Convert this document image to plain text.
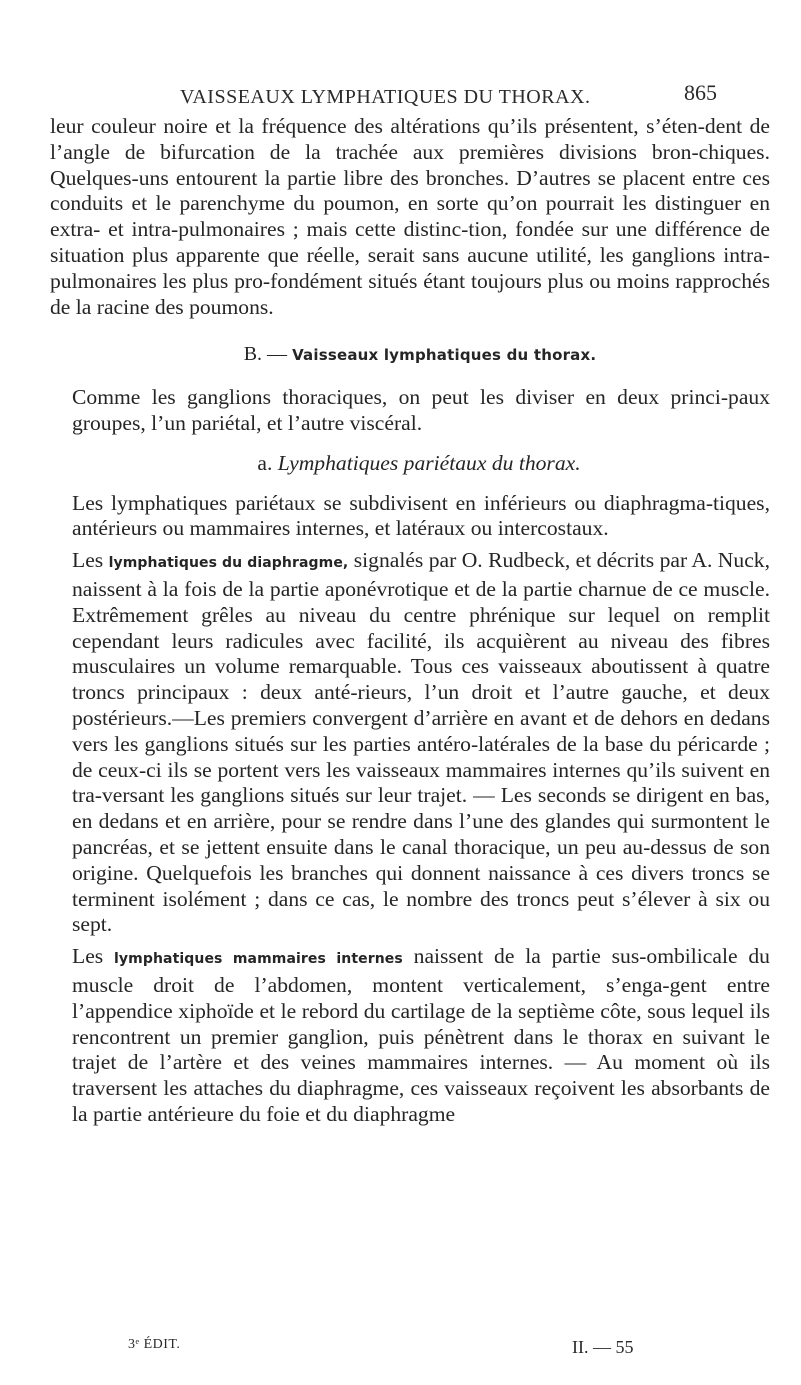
VAISSEAUX LYMPHATIQUES DU THORAX.	865

leur couleur noire et la fréquence des altérations qu’ils présentent, s’éten-dent de l’angle de bifurcation de la trachée aux premières divisions bron-chiques. Quelques-uns entourent la partie libre des bronches. D’autres se placent entre ces conduits et le parenchyme du poumon, en sorte qu’on pourrait les distinguer en extra- et intra-pulmonaires ; mais cette distinc-tion, fondée sur une différence de situation plus apparente que réelle, serait sans aucune utilité, les ganglions intra-pulmonaires les plus pro-fondément situés étant toujours plus ou moins rapprochés de la racine des poumons.

B. — Vaisseaux lymphatiques du thorax.

Comme les ganglions thoraciques, on peut les diviser en deux princi-paux groupes, l’un pariétal, et l’autre viscéral.

a. Lymphatiques pariétaux du thorax.

Les lymphatiques pariétaux se subdivisent en inférieurs ou diaphragma-tiques, antérieurs ou mammaires internes, et latéraux ou intercostaux.

Les lymphatiques du diaphragme, signalés par O. Rudbeck, et décrits par A. Nuck, naissent à la fois de la partie aponévrotique et de la partie charnue de ce muscle. Extrêmement grêles au niveau du centre phrénique sur lequel on remplit cependant leurs radicules avec facilité, ils acquièrent au niveau des fibres musculaires un volume remarquable. Tous ces vaisseaux aboutissent à quatre troncs principaux : deux anté-rieurs, l’un droit et l’autre gauche, et deux postérieurs.—Les premiers convergent d’arrière en avant et de dehors en dedans vers les ganglions situés sur les parties antéro-latérales de la base du péricarde ; de ceux-ci ils se portent vers les vaisseaux mammaires internes qu’ils suivent en tra-versant les ganglions situés sur leur trajet. — Les seconds se dirigent en bas, en dedans et en arrière, pour se rendre dans l’une des glandes qui surmontent le pancréas, et se jettent ensuite dans le canal thoracique, un peu au-dessus de son origine. Quelquefois les branches qui donnent naissance à ces divers troncs se terminent isolément ; dans ce cas, le nombre des troncs peut s’élever à six ou sept.

Les lymphatiques mammaires internes naissent de la partie sus-ombilicale du muscle droit de l’abdomen, montent verticalement, s’enga-gent entre l’appendice xiphoïde et le rebord du cartilage de la septième côte, sous lequel ils rencontrent un premier ganglion, puis pénètrent dans le thorax en suivant le trajet de l’artère et des veines mammaires internes. — Au moment où ils traversent les attaches du diaphragme, ces vaisseaux reçoivent les absorbants de la partie antérieure du foie et du diaphragme

3ᵉ ÉDIT.	II. — 55
